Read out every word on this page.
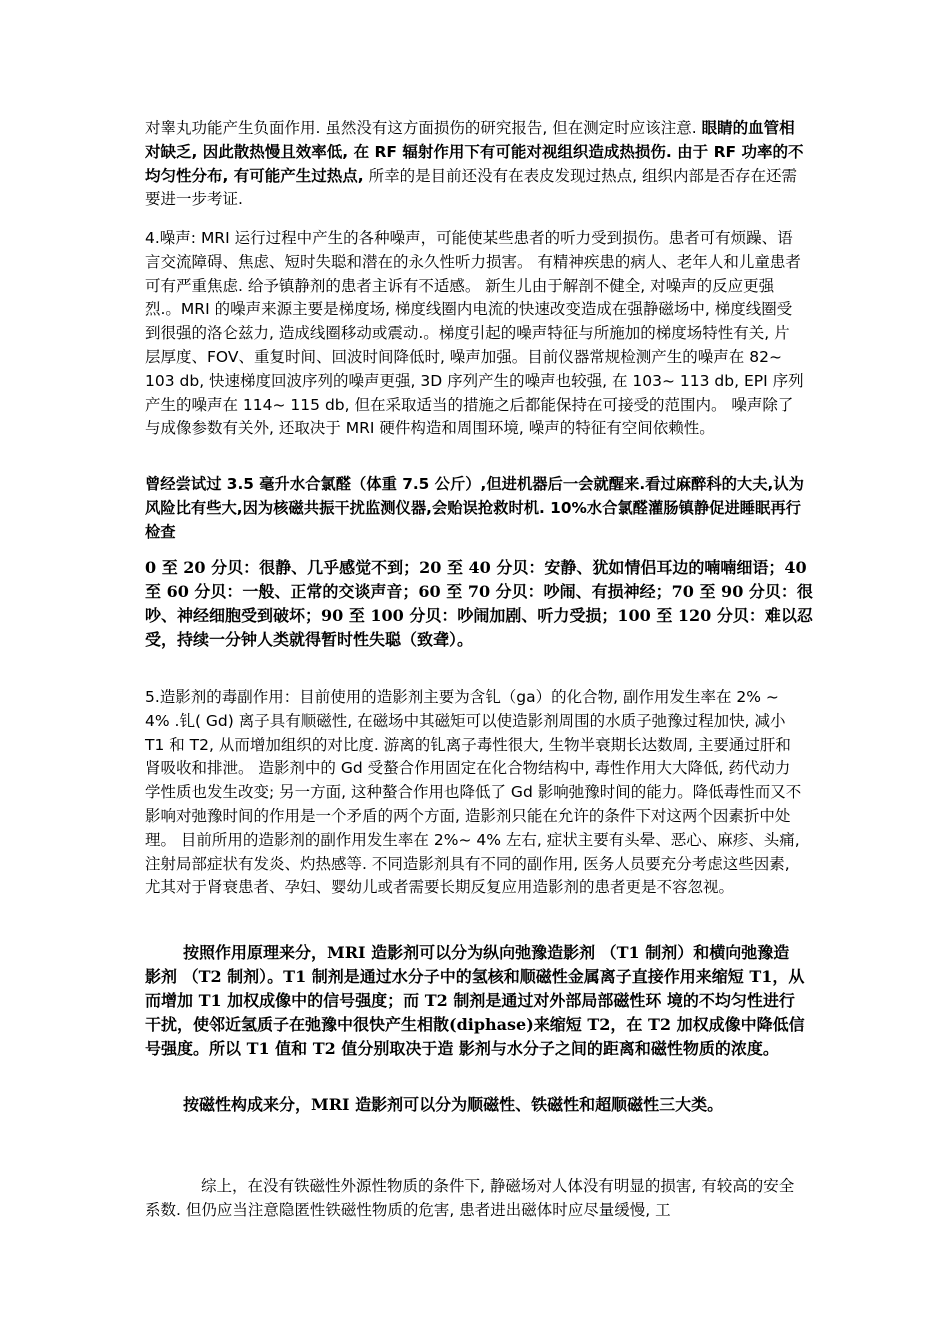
对睾丸功能产生负面作用. 虽然没有这方面损伤的研究报告, 但在测定时应该注意. 眼睛的血管相对缺乏, 因此散热慢且效率低, 在 RF 辐射作用下有可能对视组织造成热损伤. 由于 RF 功率的不均匀性分布, 有可能产生过热点, 所幸的是目前还没有在表皮发现过热点, 组织内部是否存在还需要进一步考证.

4.噪声: MRI 运行过程中产生的各种噪声，可能使某些患者的听力受到损伤。患者可有烦躁、语言交流障碍、焦虑、短时失聪和潜在的永久性听力损害。 有精神疾患的病人、老年人和儿童患者可有严重焦虑. 给予镇静剂的患者主诉有不适感。 新生儿由于解剖不健全, 对噪声的反应更强烈.。MRI 的噪声来源主要是梯度场, 梯度线圈内电流的快速改变造成在强静磁场中, 梯度线圈受到很强的洛仑兹力, 造成线圈移动或震动.。梯度引起的噪声特征与所施加的梯度场特性有关, 片层厚度、FOV、重复时间、回波时间降低时, 噪声加强。目前仪器常规检测产生的噪声在 82~ 103 db, 快速梯度回波序列的噪声更强, 3D 序列产生的噪声也较强, 在 103~ 113 db, EPI 序列产生的噪声在 114~ 115 db, 但在采取适当的措施之后都能保持在可接受的范围内。 噪声除了与成像参数有关外, 还取决于 MRI 硬件构造和周围环境, 噪声的特征有空间依赖性。

曾经尝试过 3.5 毫升水合氯醛（体重 7.5 公斤）,但进机器后一会就醒来.看过麻醉科的大夫,认为风险比有些大,因为核磁共振干扰监测仪器,会贻误抢救时机. 10%水合氯醛灌肠镇静促进睡眠再行检查

0 至 20 分贝：很静、几乎感觉不到；20 至 40 分贝：安静、犹如情侣耳边的喃喃细语；40 至 60 分贝：一般、正常的交谈声音；60 至 70 分贝：吵闹、有损神经；70 至 90 分贝：很吵、神经细胞受到破坏；90 至 100 分贝：吵闹加剧、听力受损；100 至 120 分贝：难以忍受，持续一分钟人类就得暂时性失聪（致聋）。

5.造影剂的毒副作用：目前使用的造影剂主要为含钆（ga）的化合物, 副作用发生率在 2% ~ 4% .钆( Gd) 离子具有顺磁性, 在磁场中其磁矩可以使造影剂周围的水质子弛豫过程加快, 减小 T1 和 T2, 从而增加组织的对比度. 游离的钆离子毒性很大, 生物半衰期长达数周, 主要通过肝和肾吸收和排泄。 造影剂中的 Gd 受螯合作用固定在化合物结构中, 毒性作用大大降低, 药代动力学性质也发生改变; 另一方面, 这种螯合作用也降低了 Gd 影响弛豫时间的能力。降低毒性而又不影响对弛豫时间的作用是一个矛盾的两个方面, 造影剂只能在允许的条件下对这两个因素折中处理。 目前所用的造影剂的副作用发生率在 2%~ 4% 左右, 症状主要有头晕、恶心、麻疹、头痛, 注射局部症状有发炎、灼热感等. 不同造影剂具有不同的副作用, 医务人员要充分考虑这些因素, 尤其对于肾衰患者、孕妇、婴幼儿或者需要长期反复应用造影剂的患者更是不容忽视。

按照作用原理来分，MRI 造影剂可以分为纵向弛豫造影剂 （T1 制剂）和横向弛豫造影剂 （T2 制剂）。T1 制剂是通过水分子中的氢核和顺磁性金属离子直接作用来缩短 T1，从而增加 T1 加权成像中的信号强度；而 T2 制剂是通过对外部局部磁性环 境的不均匀性进行干扰，使邻近氢质子在弛豫中很快产生相散(diphase)来缩短 T2，在 T2 加权成像中降低信号强度。所以 T1 值和 T2 值分别取决于造 影剂与水分子之间的距离和磁性物质的浓度。

按磁性构成来分，MRI 造影剂可以分为顺磁性、铁磁性和超顺磁性三大类。

综上，在没有铁磁性外源性物质的条件下, 静磁场对人体没有明显的损害, 有较高的安全系数. 但仍应当注意隐匿性铁磁性物质的危害, 患者进出磁体时应尽量缓慢, 工
